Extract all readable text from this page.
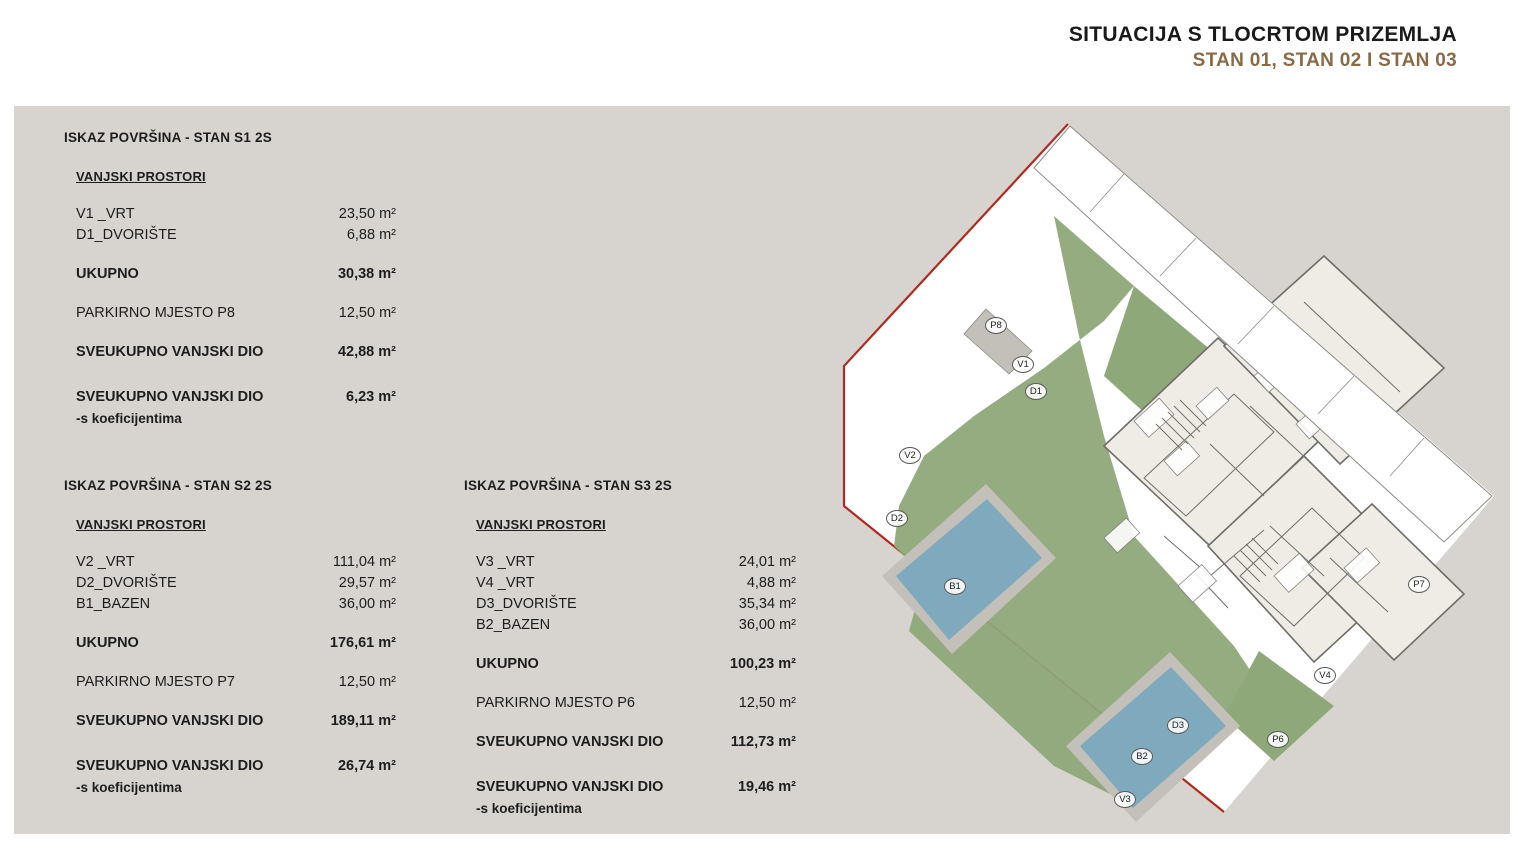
SITUACIJA S TLOCRTOM PRIZEMLJA
STAN 01, STAN 02 I STAN 03
ISKAZ POVRŠINA - STAN S1 2S
VANJSKI PROSTORI
V1 _VRT	23,50 m²
D1_DVORIŠTE	6,88 m²
UKUPNO	30,38 m²
PARKIRNO MJESTO P8	12,50 m²
SVEUKUPNO VANJSKI DIO	42,88 m²
SVEUKUPNO VANJSKI DIO	6,23 m²
-s koeficijentima
ISKAZ POVRŠINA - STAN S2 2S
VANJSKI PROSTORI
V2 _VRT	111,04 m²
D2_DVORIŠTE	29,57 m²
B1_BAZEN	36,00 m²
UKUPNO	176,61 m²
PARKIRNO MJESTO P7	12,50 m²
SVEUKUPNO VANJSKI DIO	189,11 m²
SVEUKUPNO VANJSKI DIO	26,74 m²
-s koeficijentima
ISKAZ POVRŠINA - STAN S3 2S
VANJSKI PROSTORI
V3 _VRT	24,01 m²
V4 _VRT	4,88 m²
D3_DVORIŠTE	35,34 m²
B2_BAZEN	36,00 m²
UKUPNO	100,23 m²
PARKIRNO MJESTO P6	12,50 m²
SVEUKUPNO VANJSKI DIO	112,73 m²
SVEUKUPNO VANJSKI DIO	19,46 m²
-s koeficijentima
P8
V1
D1
V2
D2
B1	P7
V4
D3
P6
B2
V3
